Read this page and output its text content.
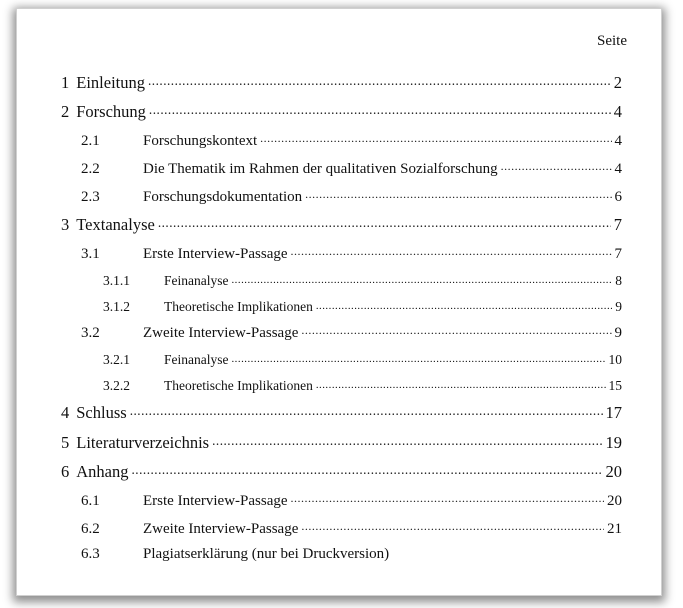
Seite
1 Einleitung .....	2
2 Forschung .....	4
2.1	Forschungskontext .....	4
2.2	Die Thematik im Rahmen der qualitativen Sozialforschung .....	4
2.3	Forschungsdokumentation .....	6
3 Textanalyse .....	7
3.1	Erste Interview-Passage .....	7
3.1.1	Feinanalyse .....	8
3.1.2	Theoretische Implikationen .....	9
3.2	Zweite Interview-Passage .....	9
3.2.1	Feinanalyse .....	10
3.2.2	Theoretische Implikationen .....	15
4 Schluss .....	17
5 Literaturverzeichnis .....	19
6 Anhang .....	20
6.1	Erste Interview-Passage .....	20
6.2	Zweite Interview-Passage .....	21
6.3	Plagiatserklärung (nur bei Druckversion)
